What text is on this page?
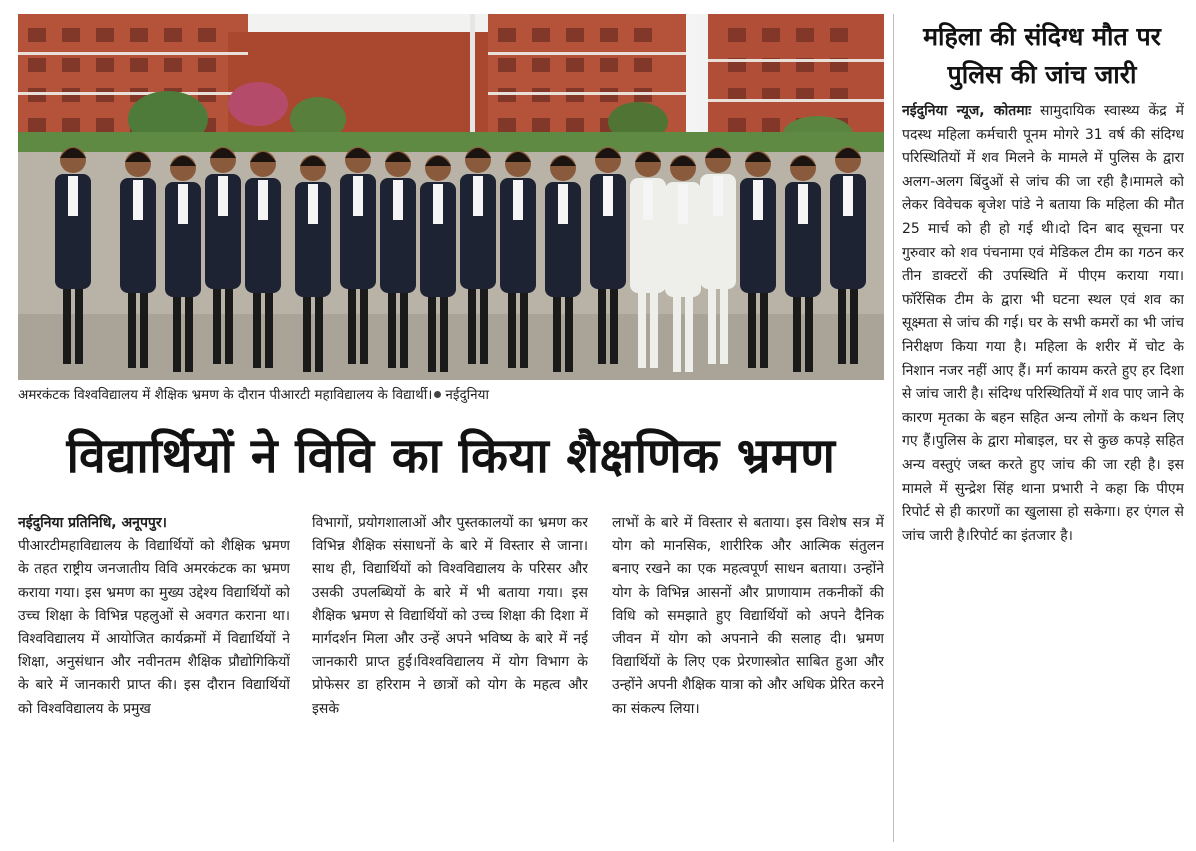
अमरकंटक विश्वविद्यालय में शैक्षिक भ्रमण के दौरान पीआरटी महाविद्यालय के विद्यार्थी। नईदुनिया
विद्यार्थियों ने विवि का किया शैक्षणिक भ्रमण

नईदुनिया प्रतिनिधि, अनूपपुर।
पीआरटीमहाविद्यालय के विद्यार्थियों को शैक्षिक भ्रमण के तहत राष्ट्रीय जनजातीय विवि अमरकंटक का भ्रमण कराया गया। इस भ्रमण का मुख्य उद्देश्य विद्यार्थियों को उच्च शिक्षा के विभिन्न पहलुओं से अवगत कराना था। विश्वविद्यालय में आयोजित कार्यक्रमों में विद्यार्थियों ने शिक्षा, अनुसंधान और नवीनतम शैक्षिक प्रौद्योगिकियों के बारे में जानकारी प्राप्त की। इस दौरान विद्यार्थियों को विश्वविद्यालय के प्रमुख

विभागों, प्रयोगशालाओं और पुस्तकालयों का भ्रमण कर विभिन्न शैक्षिक संसाधनों के बारे में विस्तार से जाना। साथ ही, विद्यार्थियों को विश्वविद्यालय के परिसर और उसकी उपलब्धियों के बारे में भी बताया गया। इस शैक्षिक भ्रमण से विद्यार्थियों को उच्च शिक्षा की दिशा में मार्गदर्शन मिला और उन्हें अपने भविष्य के बारे में नई जानकारी प्राप्त हुई।विश्वविद्यालय में योग विभाग के प्रोफेसर डा हरिराम ने छात्रों को योग के महत्व और इसके

लाभों के बारे में विस्तार से बताया। इस विशेष सत्र में योग को मानसिक, शारीरिक और आत्मिक संतुलन बनाए रखने का एक महत्वपूर्ण साधन बताया। उन्होंने योग के विभिन्न आसनों और प्राणायाम तकनीकों की विधि को समझाते हुए विद्यार्थियों को अपने दैनिक जीवन में योग को अपनाने की सलाह दी। भ्रमण विद्यार्थियों के लिए एक प्रेरणास्त्रोत साबित हुआ और उन्होंने अपनी शैक्षिक यात्रा को और अधिक प्रेरित करने का संकल्प लिया।

महिला की संदिग्ध मौत पर पुलिस की जांच जारी

नईदुनिया न्यूज, कोतमाः सामुदायिक स्वास्थ्य केंद्र में पदस्थ महिला कर्मचारी पूनम मोगरे 31 वर्ष की संदिग्ध परिस्थितियों में शव मिलने के मामले में पुलिस के द्वारा अलग-अलग बिंदुओं से जांच की जा रही है।मामले को लेकर विवेचक बृजेश पांडे ने बताया कि महिला की मौत 25 मार्च को ही हो गई थी।दो दिन बाद सूचना पर गुरुवार को शव पंचनामा एवं मेडिकल टीम का गठन कर तीन डाक्टरों की उपस्थिति में पीएम कराया गया। फॉरेंसिक टीम के द्वारा भी घटना स्थल एवं शव का सूक्ष्मता से जांच की गई। घर के सभी कमरों का भी जांच निरीक्षण किया गया है। महिला के शरीर में चोट के निशान नजर नहीं आए हैं। मर्ग कायम करते हुए हर दिशा से जांच जारी है। संदिग्ध परिस्थितियों में शव पाए जाने के कारण मृतका के बहन सहित अन्य लोगों के कथन लिए गए हैं।पुलिस के द्वारा मोबाइल, घर से कुछ कपड़े सहित अन्य वस्तुएं जब्त करते हुए जांच की जा रही है। इस मामले में सुन्द्रेश सिंह थाना प्रभारी ने कहा कि पीएम रिपोर्ट से ही कारणों का खुलासा हो सकेगा। हर एंगल से जांच जारी है।रिपोर्ट का इंतजार है।
